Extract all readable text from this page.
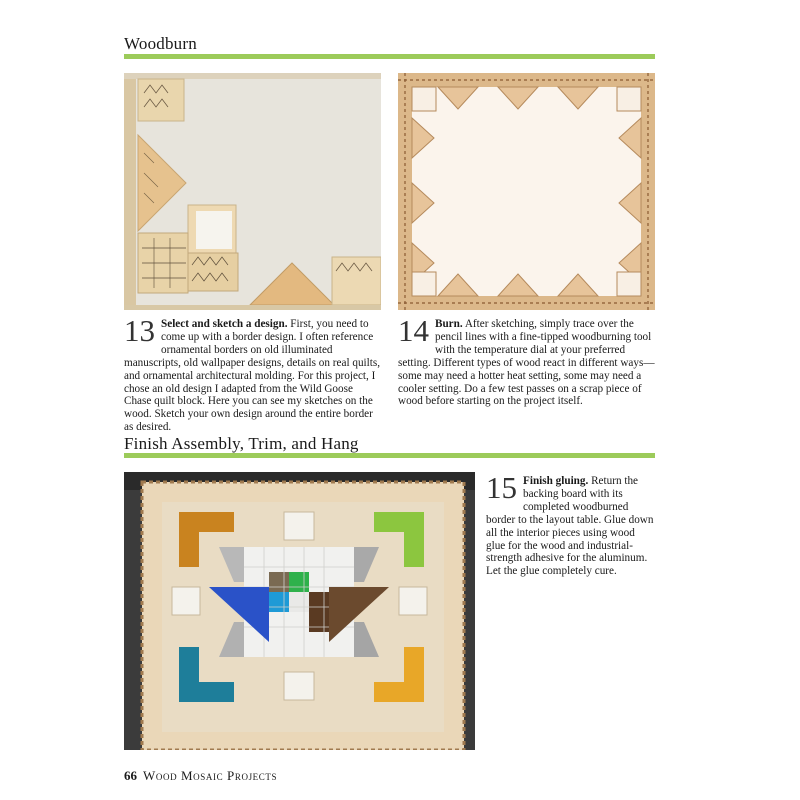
Woodburn
13 Select and sketch a design. First, you need to come up with a border design. I often reference ornamental borders on old illuminated manuscripts, old wallpaper designs, details on real quilts, and ornamental architectural molding. For this project, I chose an old design I adapted from the Wild Goose Chase quilt block. Here you can see my sketches on the wood. Sketch your own design around the entire border as desired.
14 Burn. After sketching, simply trace over the pencil lines with a fine-tipped woodburning tool with the temperature dial at your preferred setting. Different types of wood react in different ways—some may need a hotter heat setting, some may need a cooler setting. Do a few test passes on a scrap piece of wood before starting on the project itself.
Finish Assembly, Trim, and Hang
15 Finish gluing. Return the backing board with its completed woodburned border to the layout table. Glue down all the interior pieces using wood glue for the wood and industrial-strength adhesive for the aluminum. Let the glue completely cure.
66 Wood Mosaic Projects
